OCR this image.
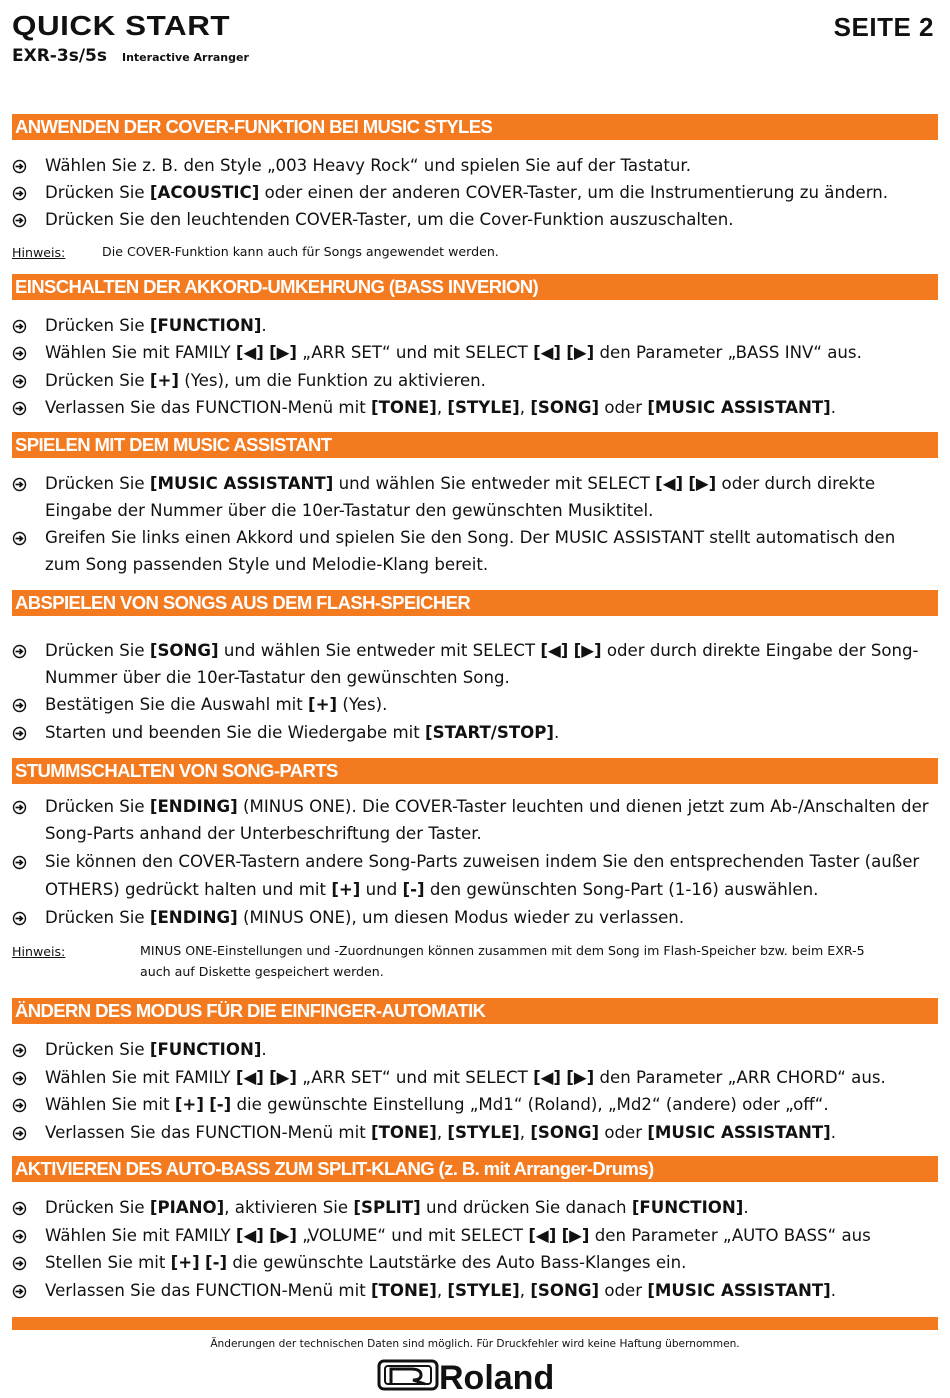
QUICK START	SEITE 2
EXR-3s/5s Interactive Arranger
ANWENDEN DER COVER-FUNKTION BEI MUSIC STYLES
Wählen Sie z. B. den Style „003 Heavy Rock“ und spielen Sie auf der Tastatur.
Drücken Sie [ACOUSTIC] oder einen der anderen COVER-Taster, um die Instrumentierung zu ändern.
Drücken Sie den leuchtenden COVER-Taster, um die Cover-Funktion auszuschalten.
Hinweis:	Die COVER-Funktion kann auch für Songs angewendet werden.
EINSCHALTEN DER AKKORD-UMKEHRUNG (BASS INVERION)
Drücken Sie [FUNCTION].
Wählen Sie mit FAMILY [◀] [▶] „ARR SET“ und mit SELECT [◀] [▶] den Parameter „BASS INV“ aus.
Drücken Sie [+] (Yes), um die Funktion zu aktivieren.
Verlassen Sie das FUNCTION-Menü mit [TONE], [STYLE], [SONG] oder [MUSIC ASSISTANT].
SPIELEN MIT DEM MUSIC ASSISTANT
Drücken Sie [MUSIC ASSISTANT] und wählen Sie entweder mit SELECT [◀] [▶] oder durch direkte
Eingabe der Nummer über die 10er-Tastatur den gewünschten Musiktitel.
Greifen Sie links einen Akkord und spielen Sie den Song. Der MUSIC ASSISTANT stellt automatisch den
zum Song passenden Style und Melodie-Klang bereit.
ABSPIELEN VON SONGS AUS DEM FLASH-SPEICHER
Drücken Sie [SONG] und wählen Sie entweder mit SELECT [◀] [▶] oder durch direkte Eingabe der Song-
Nummer über die 10er-Tastatur den gewünschten Song.
Bestätigen Sie die Auswahl mit [+] (Yes).
Starten und beenden Sie die Wiedergabe mit [START/STOP].
STUMMSCHALTEN VON SONG-PARTS
Drücken Sie [ENDING] (MINUS ONE). Die COVER-Taster leuchten und dienen jetzt zum Ab-/Anschalten der
Song-Parts anhand der Unterbeschriftung der Taster.
Sie können den COVER-Tastern andere Song-Parts zuweisen indem Sie den entsprechenden Taster (außer
OTHERS) gedrückt halten und mit [+] und [-] den gewünschten Song-Part (1-16) auswählen.
Drücken Sie [ENDING] (MINUS ONE), um diesen Modus wieder zu verlassen.
Hinweis:	MINUS ONE-Einstellungen und -Zuordnungen können zusammen mit dem Song im Flash-Speicher bzw. beim EXR-5
auch auf Diskette gespeichert werden.
ÄNDERN DES MODUS FÜR DIE EINFINGER-AUTOMATIK
Drücken Sie [FUNCTION].
Wählen Sie mit FAMILY [◀] [▶] „ARR SET“ und mit SELECT [◀] [▶] den Parameter „ARR CHORD“ aus.
Wählen Sie mit [+] [-] die gewünschte Einstellung „Md1“ (Roland), „Md2“ (andere) oder „off“.
Verlassen Sie das FUNCTION-Menü mit [TONE], [STYLE], [SONG] oder [MUSIC ASSISTANT].
AKTIVIEREN DES AUTO-BASS ZUM SPLIT-KLANG (z. B. mit Arranger-Drums)
Drücken Sie [PIANO], aktivieren Sie [SPLIT] und drücken Sie danach [FUNCTION].
Wählen Sie mit FAMILY [◀] [▶] „VOLUME“ und mit SELECT [◀] [▶] den Parameter „AUTO BASS“ aus
Stellen Sie mit [+] [-] die gewünschte Lautstärke des Auto Bass-Klanges ein.
Verlassen Sie das FUNCTION-Menü mit [TONE], [STYLE], [SONG] oder [MUSIC ASSISTANT].
Änderungen der technischen Daten sind möglich. Für Druckfehler wird keine Haftung übernommen.
Roland
